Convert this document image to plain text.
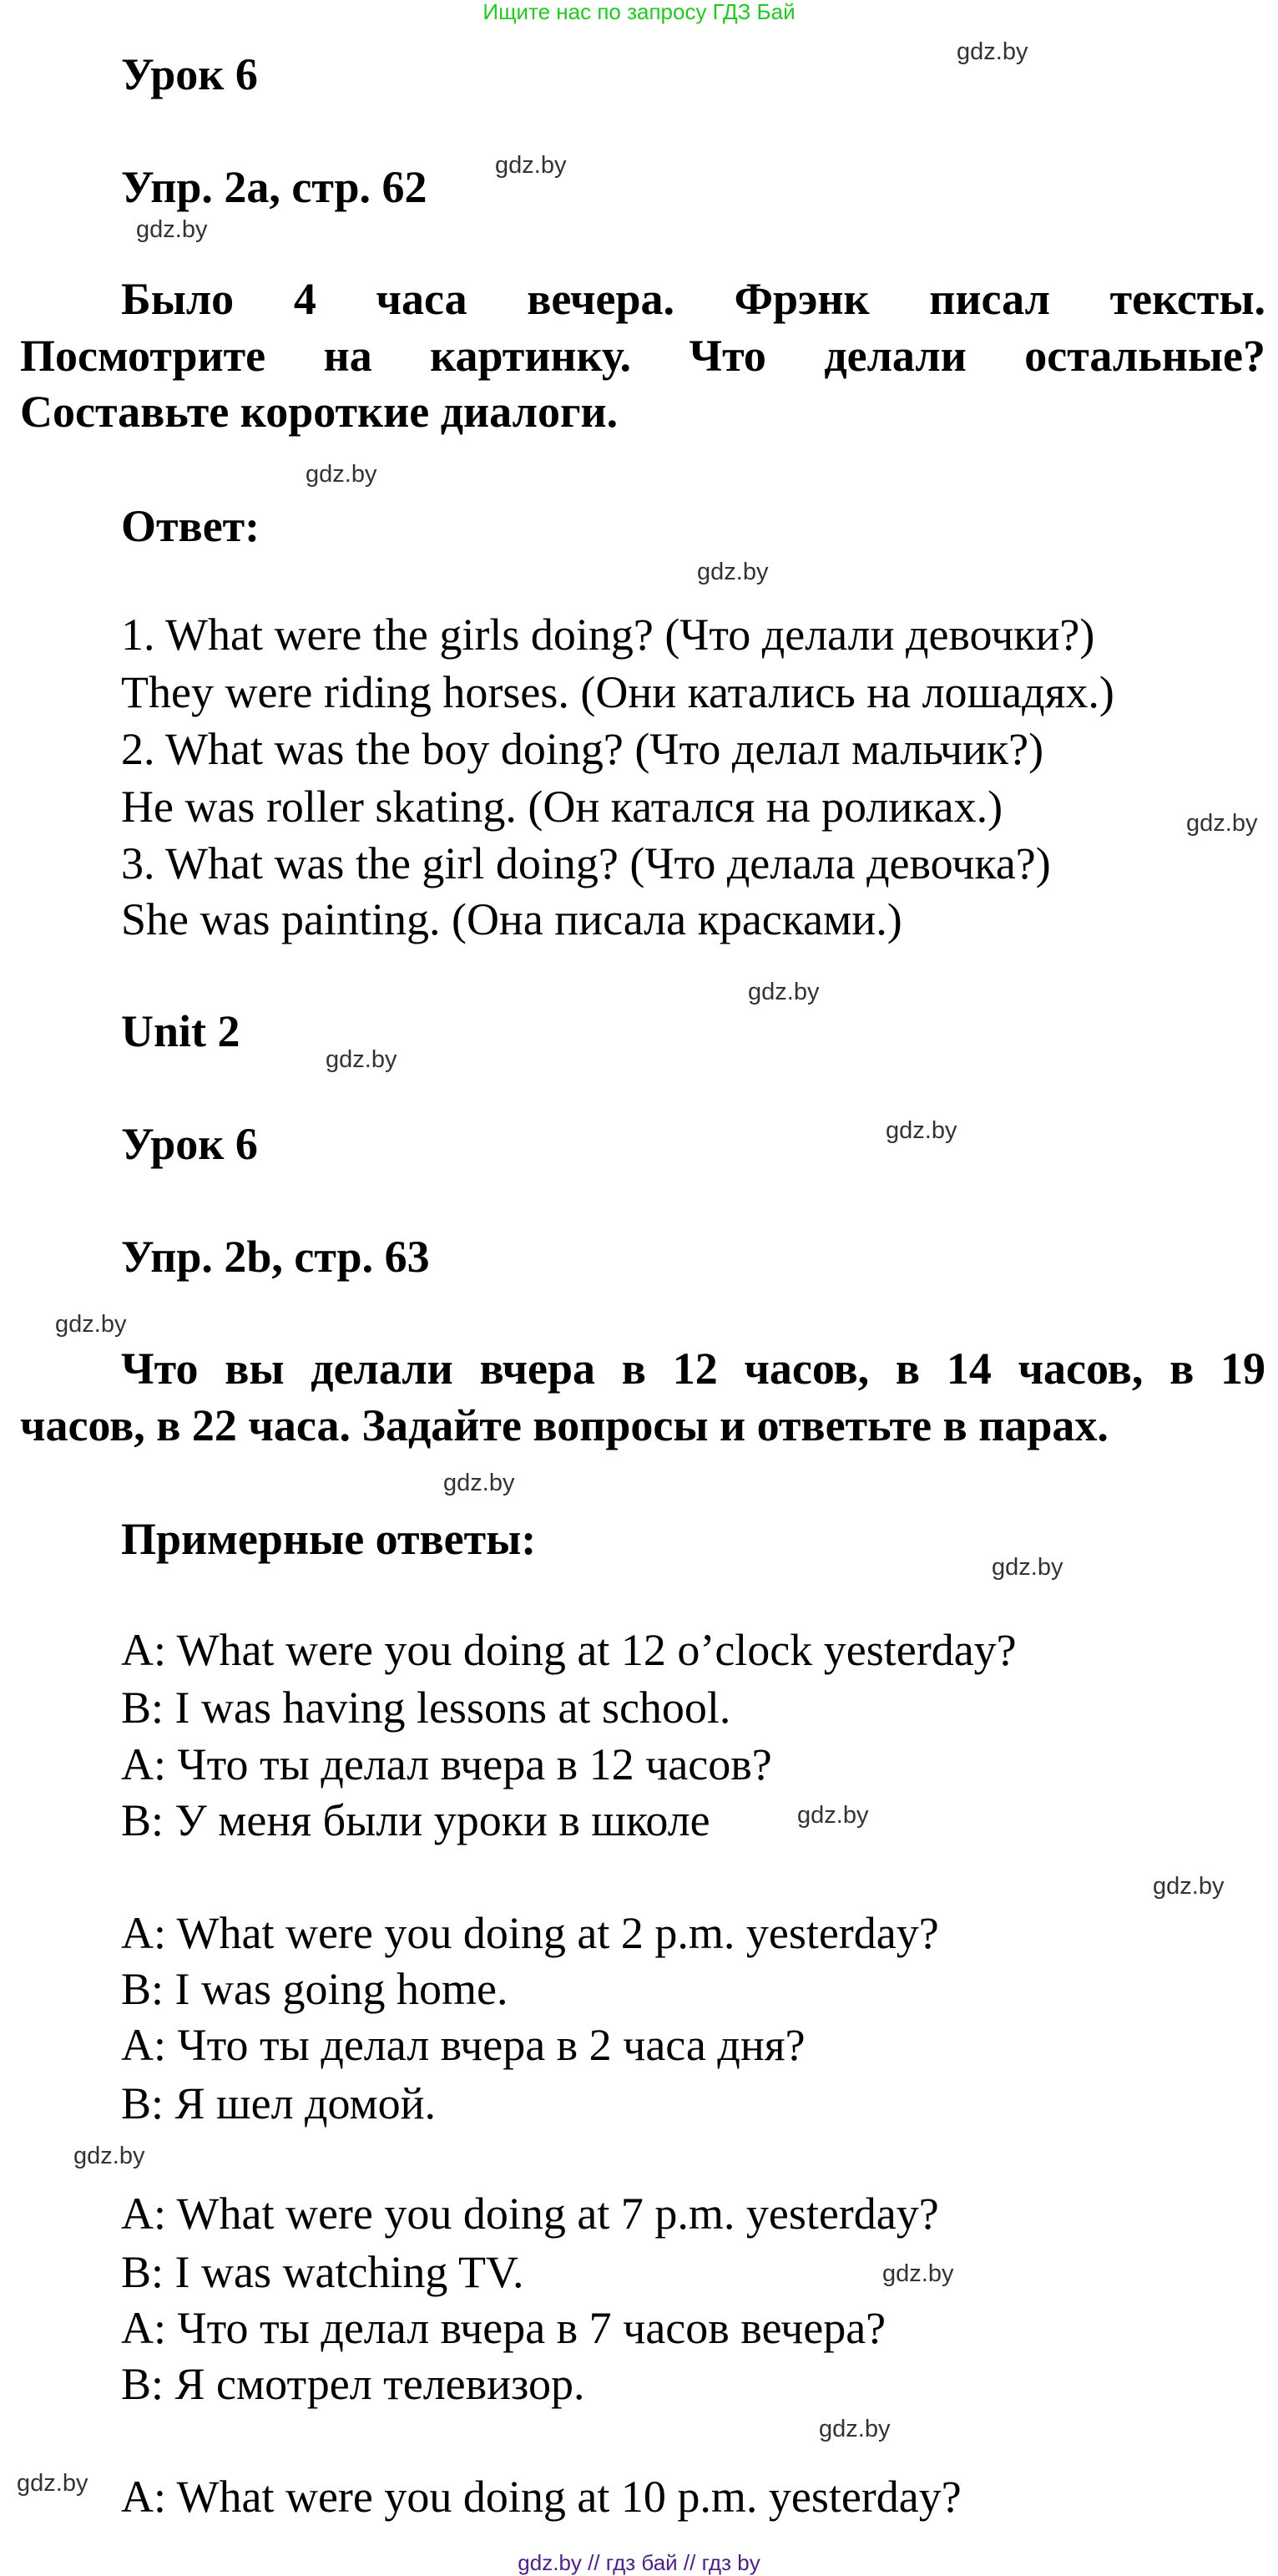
Ищите нас по запросу ГДЗ Бай
Урок 6
Упр. 2a, стр. 62
Было 4 часа вечера. Фрэнк писал тексты.
Посмотрите на картинку. Что делали остальные?
Составьте короткие диалоги.
Ответ:
1. What were the girls doing? (Что делали девочки?)
They were riding horses. (Они катались на лошадях.)
2. What was the boy doing? (Что делал мальчик?)
He was roller skating. (Он катался на роликах.)
3. What was the girl doing? (Что делала девочка?)
She was painting. (Она писала красками.)
Unit 2
Урок 6
Упр. 2b, стр. 63
Что вы делали вчера в 12 часов, в 14 часов, в 19
часов, в 22 часа. Задайте вопросы и ответьте в парах.
Примерные ответы:
A: What were you doing at 12 o’clock yesterday?
B: I was having lessons at school.
A: Что ты делал вчера в 12 часов?
B: У меня были уроки в школе
A: What were you doing at 2 p.m. yesterday?
B: I was going home.
A: Что ты делал вчера в 2 часа дня?
B: Я шел домой.
A: What were you doing at 7 p.m. yesterday?
B: I was watching TV.
A: Что ты делал вчера в 7 часов вечера?
B: Я смотрел телевизор.
A: What were you doing at 10 p.m. yesterday?
gdz.by
gdz.by
gdz.by
gdz.by
gdz.by
gdz.by
gdz.by
gdz.by
gdz.by
gdz.by
gdz.by
gdz.by
gdz.by
gdz.by
gdz.by
gdz.by
gdz.by
gdz.by
gdz.by // гдз бай // гдз by
